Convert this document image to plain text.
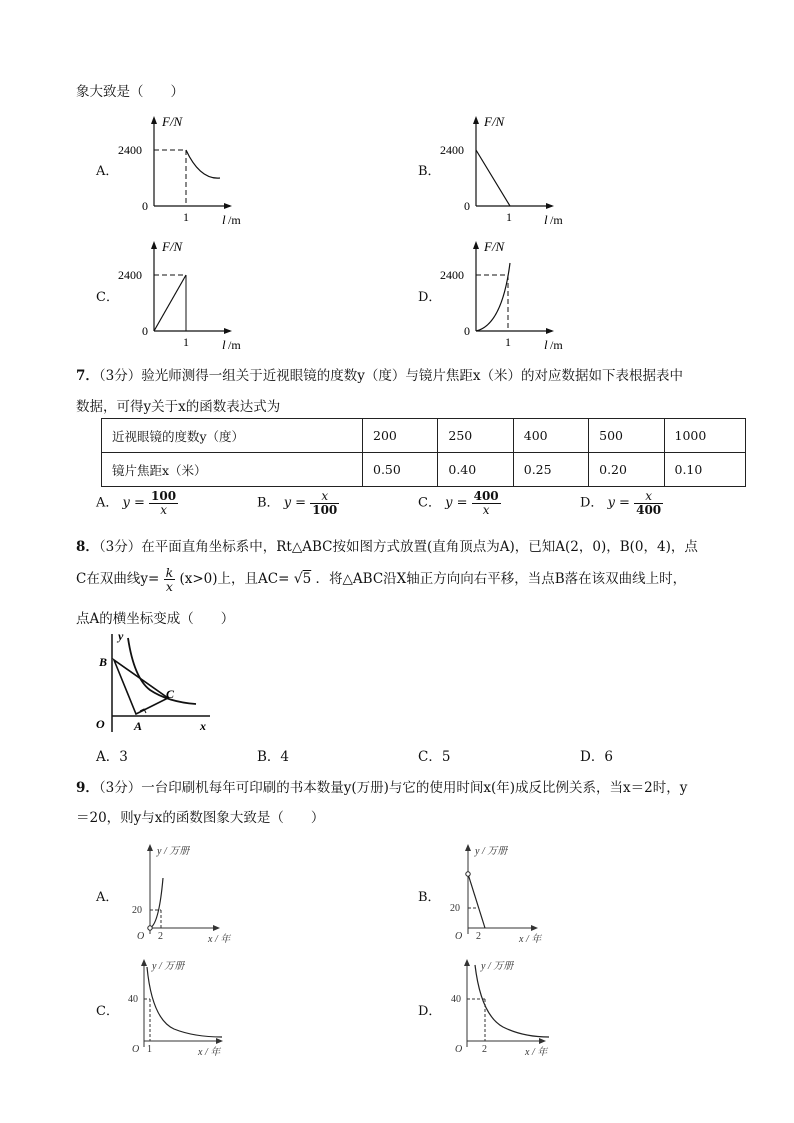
象大致是（　　）
A．	B．
C．	D．
F/N
2400
0
1	l /m
F/N
2400
0
1 l /m
F/N
2400
0
1	l /m
F/N
2400
0
1	l /m
7．（3分）验光师测得一组关于近视眼镜的度数y（度）与镜片焦距x（米）的对应数据如下表根据表中
数据，可得y关于x的函数表达式为
近视眼镜的度数y（度）	200	250	400	500	1000
镜片焦距x（米）	0.50	0.40	0.25	0.20	0.10
A． $y = \frac{100}{x}$	B． $y = \frac{x}{100}$	C． $y = \frac{400}{x}$	D． $y = \frac{x}{400}$
8．（3分）在平面直角坐标系中，Rt△ABC按如图方式放置(直角顶点为A)，已知A(2，0)，B(0，4)，点
C在双曲线$y= \frac{k}{x} (x>0)$上，且AC= √5 ．将△ABC沿X轴正方向向右平移，当点B落在该双曲线上时，
点A的横坐标变成（　　）
y
x
O A
B
C
A．3	B．4	C．5	D．6
9．（3分）一台印刷机每年可印刷的书本数量y(万册)与它的使用时间x(年)成反比例关系，当x＝2时，y
＝20，则y与x的函数图象大致是（　　）
A．	B．
C．	D．
y / 万册
20
O 2	x / 年
y / 万册
20
O 2	x / 年
y / 万册
40
O 1	x / 年
y / 万册
40
O 2	x / 年
